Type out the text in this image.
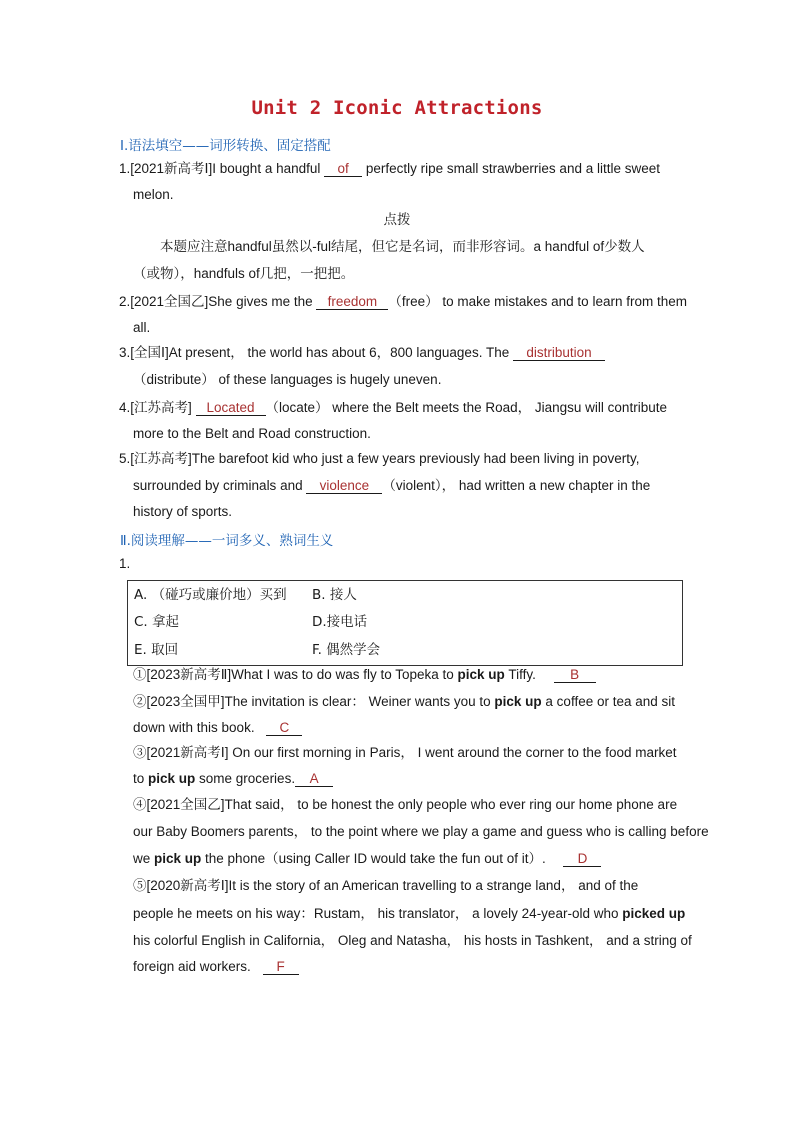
Unit 2 Iconic Attractions
Ⅰ.语法填空——词形转换、固定搭配
1.[2021新高考Ⅰ]I bought a handful of perfectly ripe small strawberries and a little sweet
melon.
点拨
本题应注意handful虽然以-ful结尾，但它是名词，而非形容词。a handful of少数人
（或物），handfuls of几把，一把把。
2.[2021全国乙]She gives me the freedom （free） to make mistakes and to learn from them
all.
3.[全国Ⅰ]At present， the world has about 6，800 languages. The distribution
（distribute） of these languages is hugely uneven.
4.[江苏高考] Located （locate） where the Belt meets the Road， Jiangsu will contribute
more to the Belt and Road construction.
5.[江苏高考]The barefoot kid who just a few years previously had been living in poverty,
surrounded by criminals and violence （violent）， had written a new chapter in the
history of sports.
Ⅱ.阅读理解——一词多义、熟词生义
1.
A. （碰巧或廉价地）买到 B. 接人
C. 拿起	D.接电话
E. 取回	F. 偶然学会
①[2023新高考Ⅱ]What I was to do was fly to Topeka to pick up Tiffy. B
②[2023全国甲]The invitation is clear： Weiner wants you to pick up a coffee or tea and sit
down with this book. C
③[2021新高考Ⅰ] On our first morning in Paris， I went around the corner to the food market
to pick up some groceries. A
④[2021全国乙]That said， to be honest the only people who ever ring our home phone are
our Baby Boomers parents， to the point where we play a game and guess who is calling before
we pick up the phone（using Caller ID would take the fun out of it）. D
⑤[2020新高考Ⅰ]It is the story of an American travelling to a strange land， and of the
people he meets on his way：Rustam， his translator， a lovely 24-year-old who picked up
his colorful English in California， Oleg and Natasha， his hosts in Tashkent， and a string of
foreign aid workers. F
